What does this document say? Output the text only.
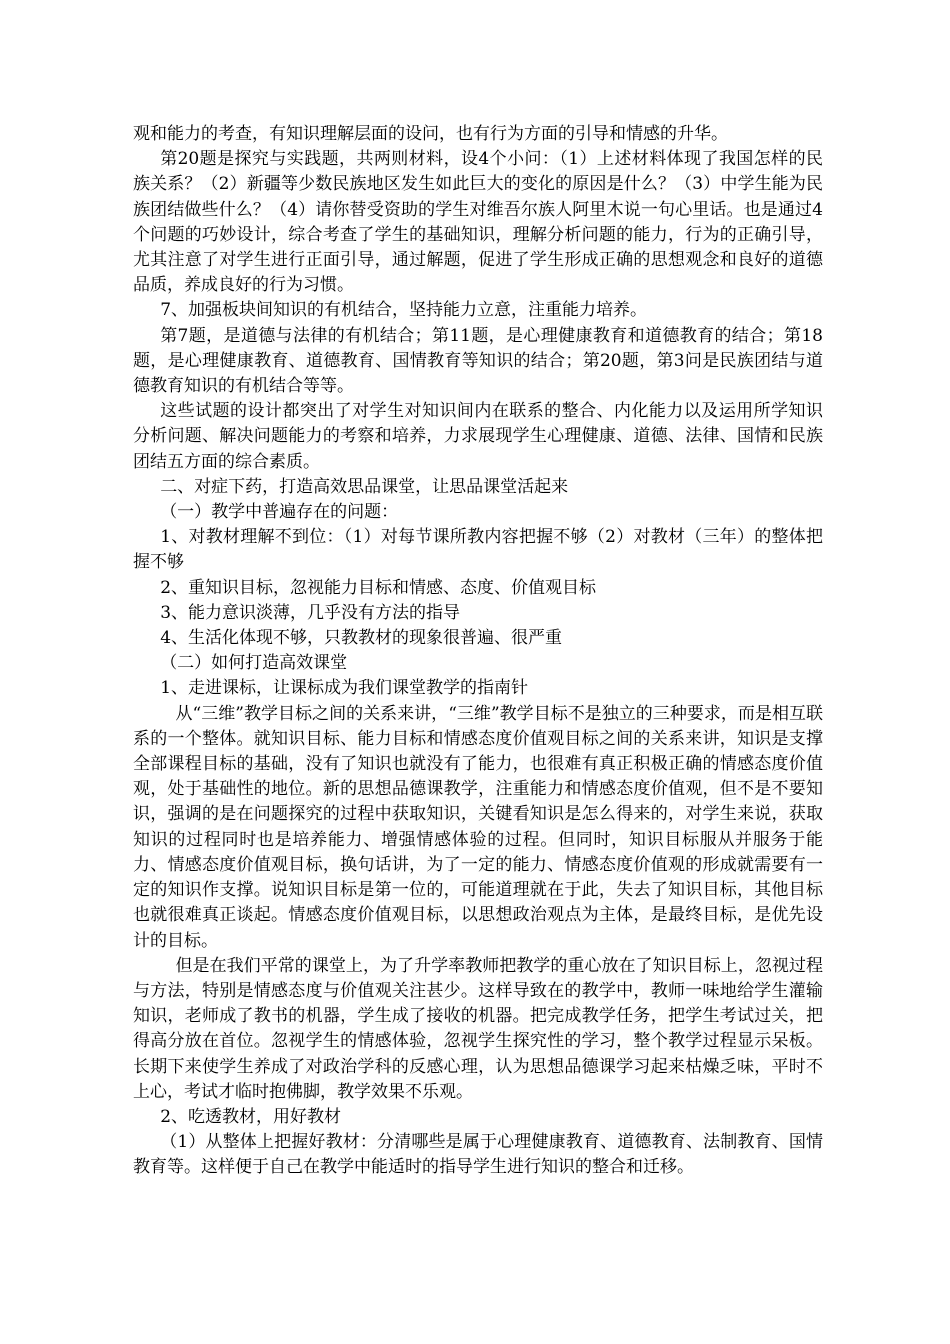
观和能力的考查，有知识理解层面的设问，也有行为方面的引导和情感的升华。

第20题是探究与实践题，共两则材料，设4个小问：（1）上述材料体现了我国怎样的民族关系？（2）新疆等少数民族地区发生如此巨大的变化的原因是什么？（3）中学生能为民族团结做些什么？（4）请你替受资助的学生对维吾尔族人阿里木说一句心里话。也是通过4个问题的巧妙设计，综合考查了学生的基础知识，理解分析问题的能力，行为的正确引导，尤其注意了对学生进行正面引导，通过解题，促进了学生形成正确的思想观念和良好的道德品质，养成良好的行为习惯。

7、加强板块间知识的有机结合，坚持能力立意，注重能力培养。

第7题，是道德与法律的有机结合；第11题，是心理健康教育和道德教育的结合；第18题，是心理健康教育、道德教育、国情教育等知识的结合；第20题，第3问是民族团结与道德教育知识的有机结合等等。

这些试题的设计都突出了对学生对知识间内在联系的整合、内化能力以及运用所学知识分析问题、解决问题能力的考察和培养，力求展现学生心理健康、道德、法律、国情和民族团结五方面的综合素质。

二、对症下药，打造高效思品课堂，让思品课堂活起来

（一）教学中普遍存在的问题：

1、对教材理解不到位：（1）对每节课所教内容把握不够（2）对教材（三年）的整体把握不够

2、重知识目标，忽视能力目标和情感、态度、价值观目标

3、能力意识淡薄，几乎没有方法的指导

4、生活化体现不够，只教教材的现象很普遍、很严重

（二）如何打造高效课堂

1、走进课标，让课标成为我们课堂教学的指南针

从“三维”教学目标之间的关系来讲，“三维”教学目标不是独立的三种要求，而是相互联系的一个整体。就知识目标、能力目标和情感态度价值观目标之间的关系来讲，知识是支撑全部课程目标的基础，没有了知识也就没有了能力，也很难有真正积极正确的情感态度价值观，处于基础性的地位。新的思想品德课教学，注重能力和情感态度价值观，但不是不要知识，强调的是在问题探究的过程中获取知识，关键看知识是怎么得来的，对学生来说，获取知识的过程同时也是培养能力、增强情感体验的过程。但同时，知识目标服从并服务于能力、情感态度价值观目标，换句话讲，为了一定的能力、情感态度价值观的形成就需要有一定的知识作支撑。说知识目标是第一位的，可能道理就在于此，失去了知识目标，其他目标也就很难真正谈起。情感态度价值观目标，以思想政治观点为主体，是最终目标，是优先设计的目标。

但是在我们平常的课堂上，为了升学率教师把教学的重心放在了知识目标上，忽视过程与方法，特别是情感态度与价值观关注甚少。这样导致在的教学中，教师一味地给学生灌输知识，老师成了教书的机器，学生成了接收的机器。把完成教学任务，把学生考试过关，把得高分放在首位。忽视学生的情感体验，忽视学生探究性的学习，整个教学过程显示呆板。长期下来使学生养成了对政治学科的反感心理，认为思想品德课学习起来枯燥乏味，平时不上心，考试才临时抱佛脚，教学效果不乐观。

2、吃透教材，用好教材

（1）从整体上把握好教材：分清哪些是属于心理健康教育、道德教育、法制教育、国情教育等。这样便于自己在教学中能适时的指导学生进行知识的整合和迁移。
